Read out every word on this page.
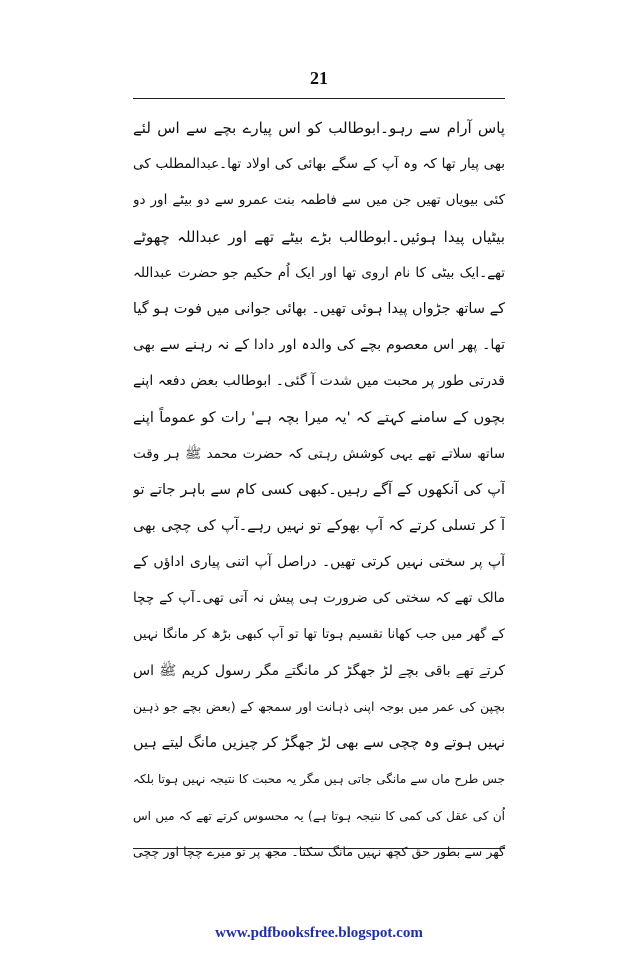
21
پاس آرام سے رہو۔ابوطالب کو اس پیارے بچے سے اس لئے
بھی پیار تھا کہ وہ آپ کے سگے بھائی کی اولاد تھا۔عبدالمطلب کی
کئی بیویاں تھیں جن میں سے فاطمہ بنت عمرو سے دو بیٹے اور دو
بیٹیاں پیدا ہوئیں۔ابوطالب بڑے بیٹے تھے اور عبداللہ چھوٹے
تھے۔ایک بیٹی کا نام اروی تھا اور ایک اُم حکیم جو حضرت عبداللہ
کے ساتھ جڑواں پیدا ہوئی تھیں۔ بھائی جوانی میں فوت ہو گیا
تھا۔ پھر اس معصوم بچے کی والدہ اور دادا کے نہ رہنے سے بھی
قدرتی طور پر محبت میں شدت آ گئی۔ ابوطالب بعض دفعہ اپنے
بچوں کے سامنے کہتے کہ 'یہ میرا بچہ ہے' رات کو عموماً اپنے
ساتھ سلاتے تھے یہی کوشش رہتی کہ حضرت محمد ﷺ ہر وقت
آپ کی آنکھوں کے آگے رہیں۔کبھی کسی کام سے باہر جاتے تو
آ کر تسلی کرتے کہ آپ بھوکے تو نہیں رہے۔آپ کی چچی بھی
آپ پر سختی نہیں کرتی تھیں۔ دراصل آپ اتنی پیاری اداؤں کے
مالک تھے کہ سختی کی ضرورت ہی پیش نہ آتی تھی۔آپ کے چچا
کے گھر میں جب کھانا تقسیم ہوتا تھا تو آپ کبھی بڑھ کر مانگا نہیں
کرتے تھے باقی بچے لڑ جھگڑ کر مانگتے مگر رسول کریم ﷺ اس
بچپن کی عمر میں بوجہ اپنی ذہانت اور سمجھ کے (بعض بچے جو ذہین
نہیں ہوتے وہ چچی سے بھی لڑ جھگڑ کر چیزیں مانگ لیتے ہیں
جس طرح ماں سے مانگی جاتی ہیں مگر یہ محبت کا نتیجہ نہیں ہوتا بلکہ
اُن کی عقل کی کمی کا نتیجہ ہوتا ہے) یہ محسوس کرتے تھے کہ میں اس
گھر سے بطور حق کچھ نہیں مانگ سکتا۔ مجھ پر تو میرے چچا اور چچی
www.pdfbooksfree.blogspot.com
